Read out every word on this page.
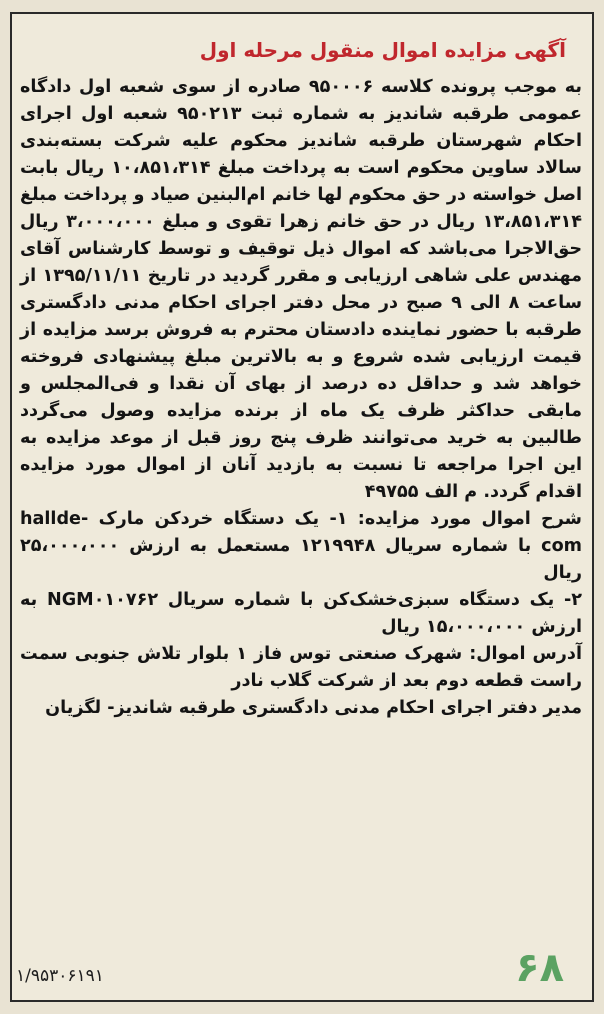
آگهی مزایده اموال منقول مرحله اول

به موجب پرونده کلاسه ۹۵۰۰۰۶ صادره از سوی شعبه اول دادگاه عمومی طرقبه شاندیز به شماره ثبت ۹۵۰۲۱۳ شعبه اول اجرای احکام شهرستان طرقبه شاندیز محکوم علیه شرکت بسته‌بندی سالاد ساوین محکوم است به پرداخت مبلغ ۱۰،۸۵۱،۳۱۴ ریال بابت اصل خواسته در حق محکوم لها خانم ام‌البنین صیاد و پرداخت مبلغ ۱۳،۸۵۱،۳۱۴ ریال در حق خانم زهرا تقوی و مبلغ ۳،۰۰۰،۰۰۰ ریال حق‌الاجرا می‌باشد که اموال ذیل توقیف و توسط کارشناس آقای مهندس علی شاهی ارزیابی و مقرر گردید در تاریخ ۱۳۹۵/۱۱/۱۱ از ساعت ۸ الی ۹ صبح در محل دفتر اجرای احکام مدنی دادگستری طرقبه با حضور نماینده دادستان محترم به فروش برسد مزایده از قیمت ارزیابی شده شروع و به بالاترین مبلغ پیشنهادی فروخته خواهد شد و حداقل ده درصد از بهای آن نقدا و فی‌المجلس و مابقی حداکثر ظرف یک ماه از برنده مزایده وصول می‌گردد طالبین به خرید می‌توانند ظرف پنج روز قبل از موعد مزایده به این اجرا مراجعه تا نسبت به بازدید آنان از اموال مورد مزایده اقدام گردد. م الف ۴۹۷۵۵

شرح اموال مورد مزایده: ۱- یک دستگاه خردکن مارک hallde-com با شماره سریال ۱۲۱۹۹۴۸ مستعمل به ارزش ۲۵،۰۰۰،۰۰۰ ریال

۲- یک دستگاه سبزی‌خشک‌کن با شماره سریال NGM۰۱۰۷۶۲ به ارزش ۱۵،۰۰۰،۰۰۰ ریال

آدرس اموال: شهرک صنعتی توس فاز ۱ بلوار تلاش جنوبی سمت راست قطعه دوم بعد از شرکت گلاب نادر

مدیر دفتر اجرای احکام مدنی دادگستری طرقبه شاندیز- لگزیان

۱/۹۵۳۰۶۱۹۱	۶۸
